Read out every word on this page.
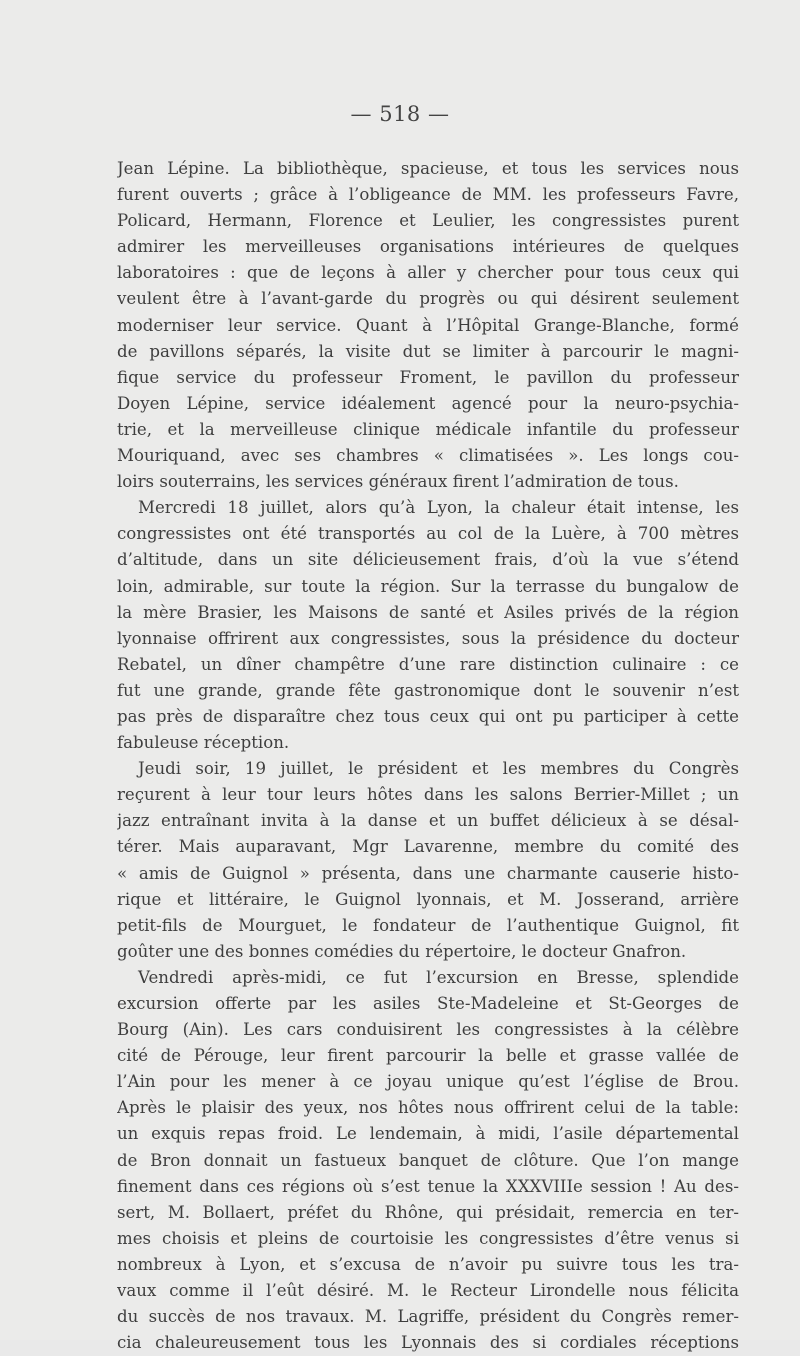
— 518 —
Jean Lépine. La bibliothèque, spacieuse, et tous les services nous
furent ouverts ; grâce à l’obligeance de MM. les professeurs Favre,
Policard, Hermann, Florence et Leulier, les congressistes purent
admirer les merveilleuses organisations intérieures de quelques
laboratoires : que de leçons à aller y chercher pour tous ceux qui
veulent être à l’avant-garde du progrès ou qui désirent seulement
moderniser leur service. Quant à l’Hôpital Grange-Blanche, formé
de pavillons séparés, la visite dut se limiter à parcourir le magni-
fique service du professeur Froment, le pavillon du professeur
Doyen Lépine, service idéalement agencé pour la neuro-psychia-
trie, et la merveilleuse clinique médicale infantile du professeur
Mouriquand, avec ses chambres « climatisées ». Les longs cou-
loirs souterrains, les services généraux firent l’admiration de tous.
Mercredi 18 juillet, alors qu’à Lyon, la chaleur était intense, les
congressistes ont été transportés au col de la Luère, à 700 mètres
d’altitude, dans un site délicieusement frais, d’où la vue s’étend
loin, admirable, sur toute la région. Sur la terrasse du bungalow de
la mère Brasier, les Maisons de santé et Asiles privés de la région
lyonnaise offrirent aux congressistes, sous la présidence du docteur
Rebatel, un dîner champêtre d’une rare distinction culinaire : ce
fut une grande, grande fête gastronomique dont le souvenir n’est
pas près de disparaître chez tous ceux qui ont pu participer à cette
fabuleuse réception.
Jeudi soir, 19 juillet, le président et les membres du Congrès
reçurent à leur tour leurs hôtes dans les salons Berrier-Millet ; un
jazz entraînant invita à la danse et un buffet délicieux à se désal-
térer. Mais auparavant, Mgr Lavarenne, membre du comité des
« amis de Guignol » présenta, dans une charmante causerie histo-
rique et littéraire, le Guignol lyonnais, et M. Josserand, arrière
petit-fils de Mourguet, le fondateur de l’authentique Guignol, fit
goûter une des bonnes comédies du répertoire, le docteur Gnafron.
Vendredi après-midi, ce fut l’excursion en Bresse, splendide
excursion offerte par les asiles Ste-Madeleine et St-Georges de
Bourg (Ain). Les cars conduisirent les congressistes à la célèbre
cité de Pérouge, leur firent parcourir la belle et grasse vallée de
l’Ain pour les mener à ce joyau unique qu’est l’église de Brou.
Après le plaisir des yeux, nos hôtes nous offrirent celui de la table:
un exquis repas froid. Le lendemain, à midi, l’asile départemental
de Bron donnait un fastueux banquet de clôture. Que l’on mange
finement dans ces régions où s’est tenue la XXXVIIIe session ! Au des-
sert, M. Bollaert, préfet du Rhône, qui présidait, remercia en ter-
mes choisis et pleins de courtoisie les congressistes d’être venus si
nombreux à Lyon, et s’excusa de n’avoir pu suivre tous les tra-
vaux comme il l’eût désiré. M. le Recteur Lirondelle nous félicita
du succès de nos travaux. M. Lagriffe, président du Congrès remer-
cia chaleureusement tous les Lyonnais des si cordiales réceptions
